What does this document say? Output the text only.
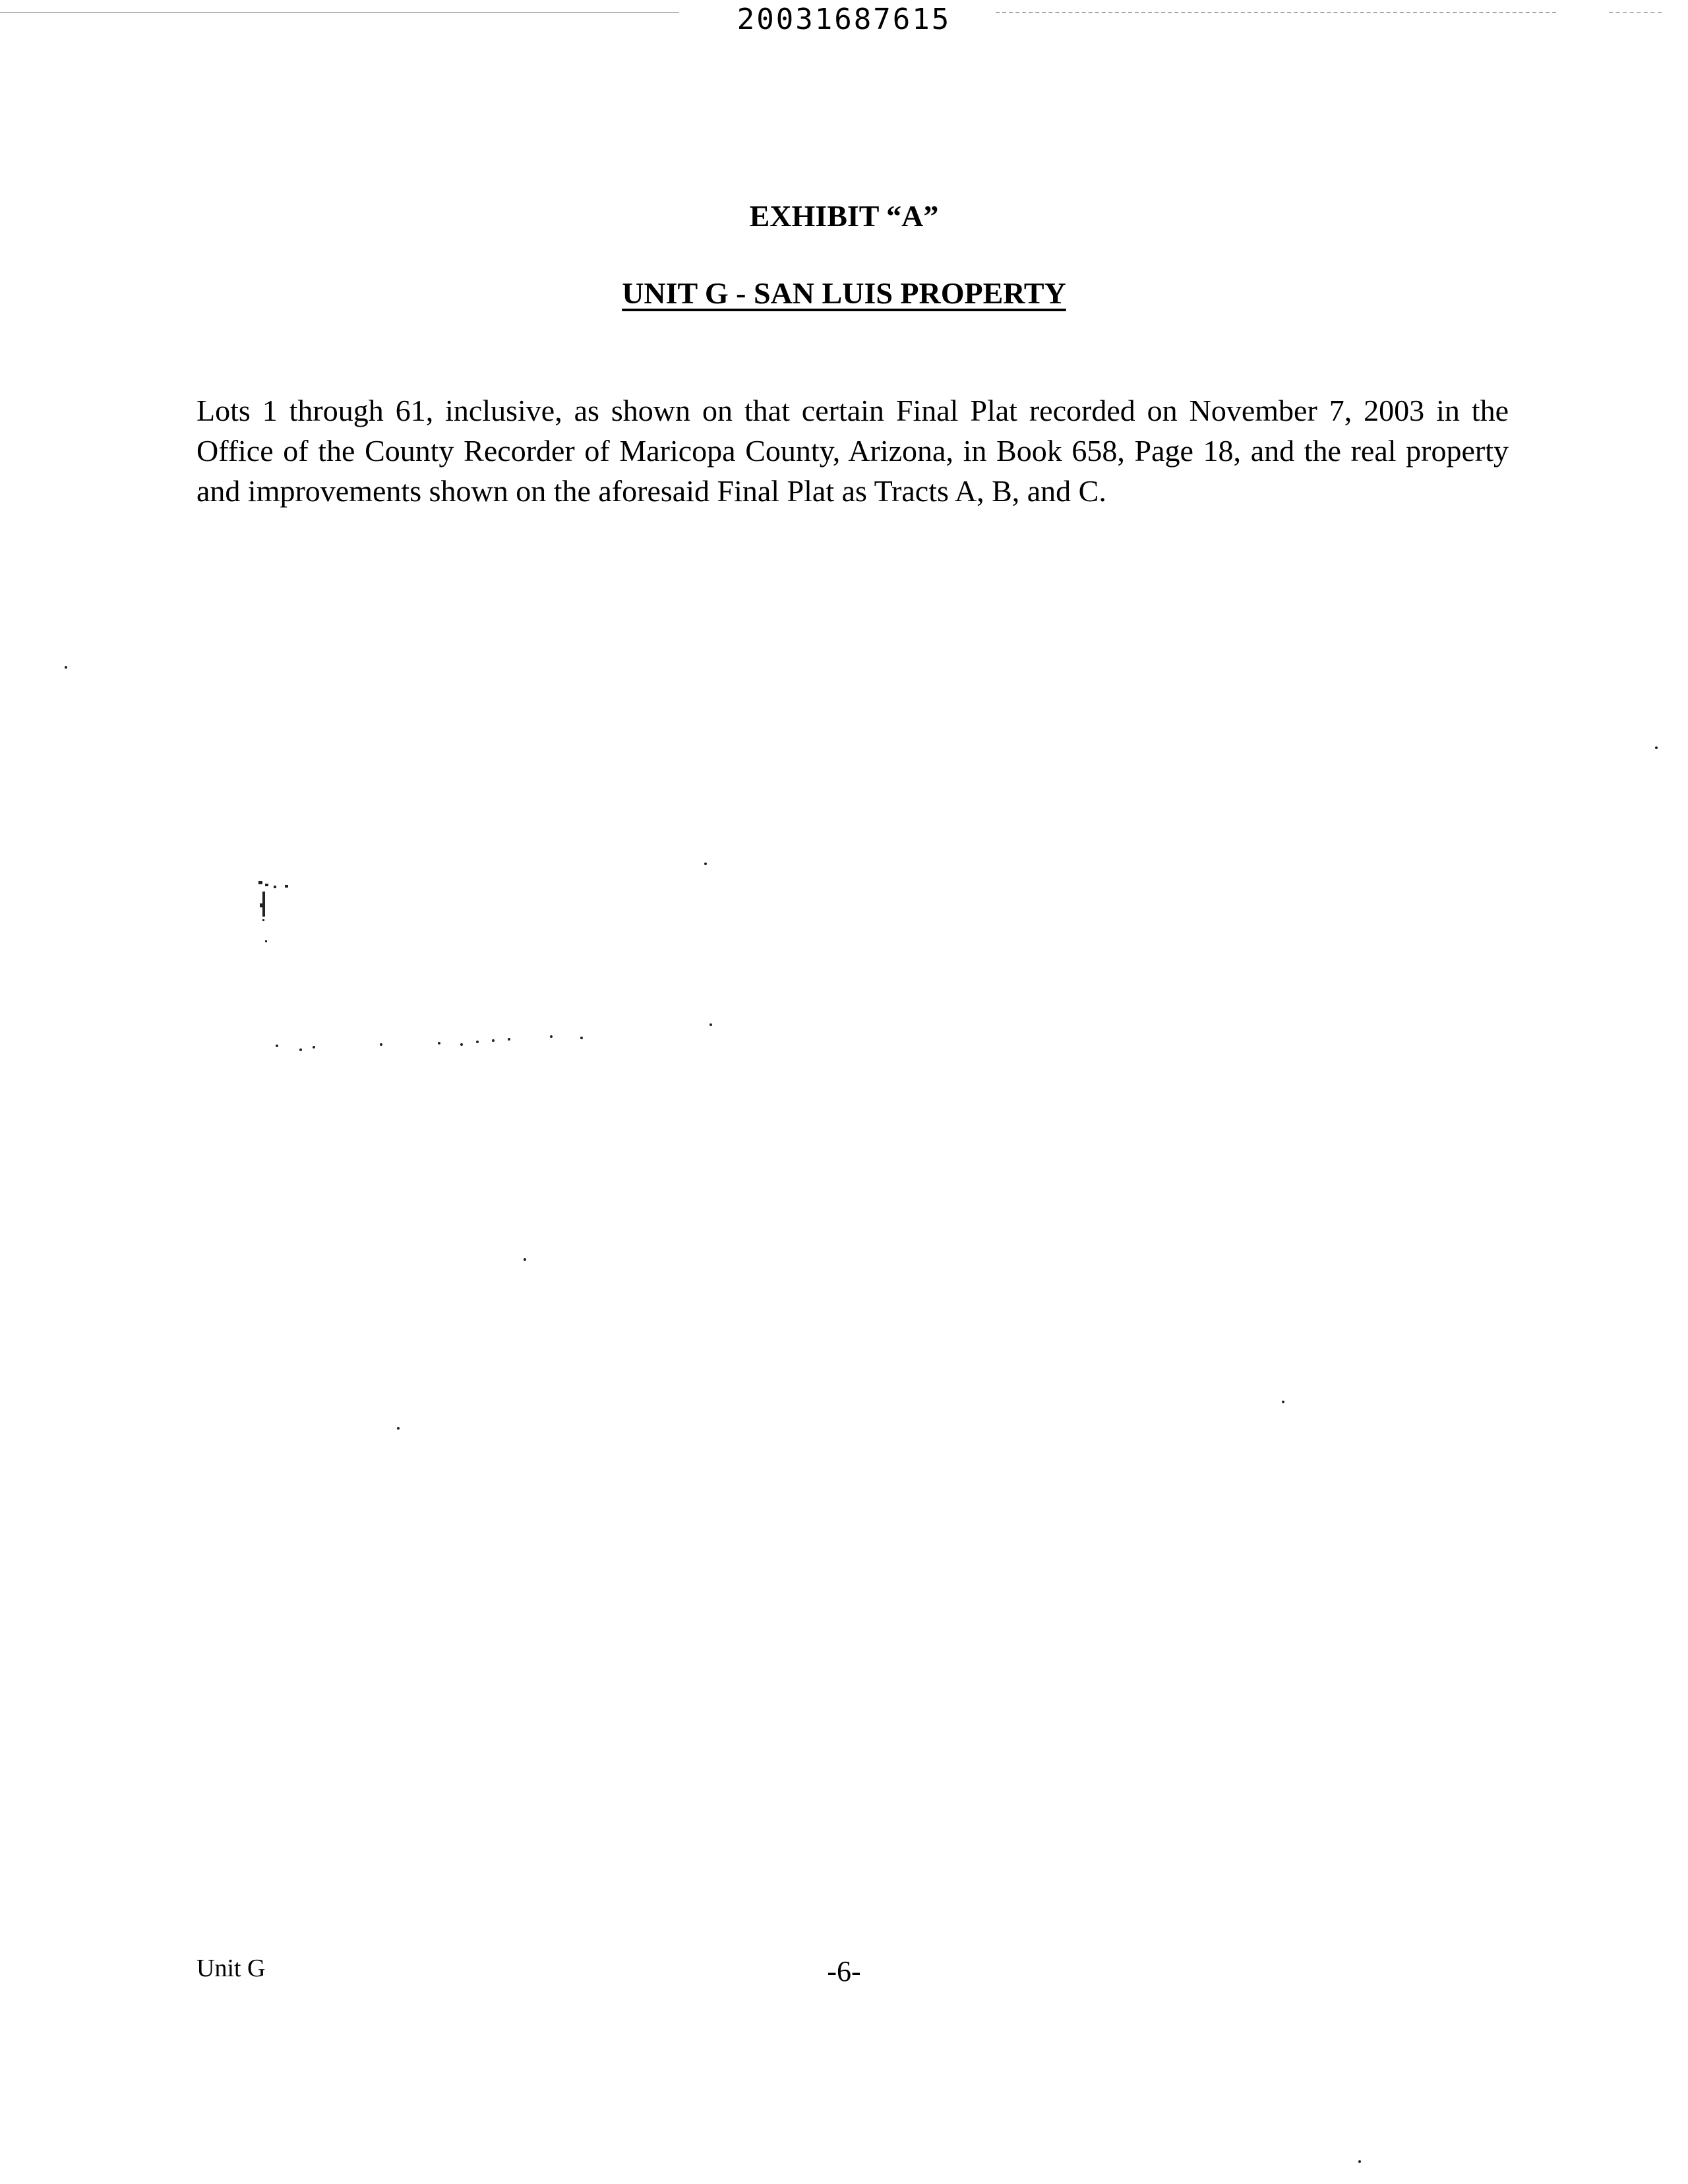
20031687615
EXHIBIT “A”
UNIT G - SAN LUIS PROPERTY
Lots 1 through 61, inclusive, as shown on that certain Final Plat recorded on November 7, 2003 in the Office of the County Recorder of Maricopa County, Arizona, in Book 658, Page 18, and the real property and improvements shown on the aforesaid Final Plat as Tracts A, B, and C.
Unit G	-6-
